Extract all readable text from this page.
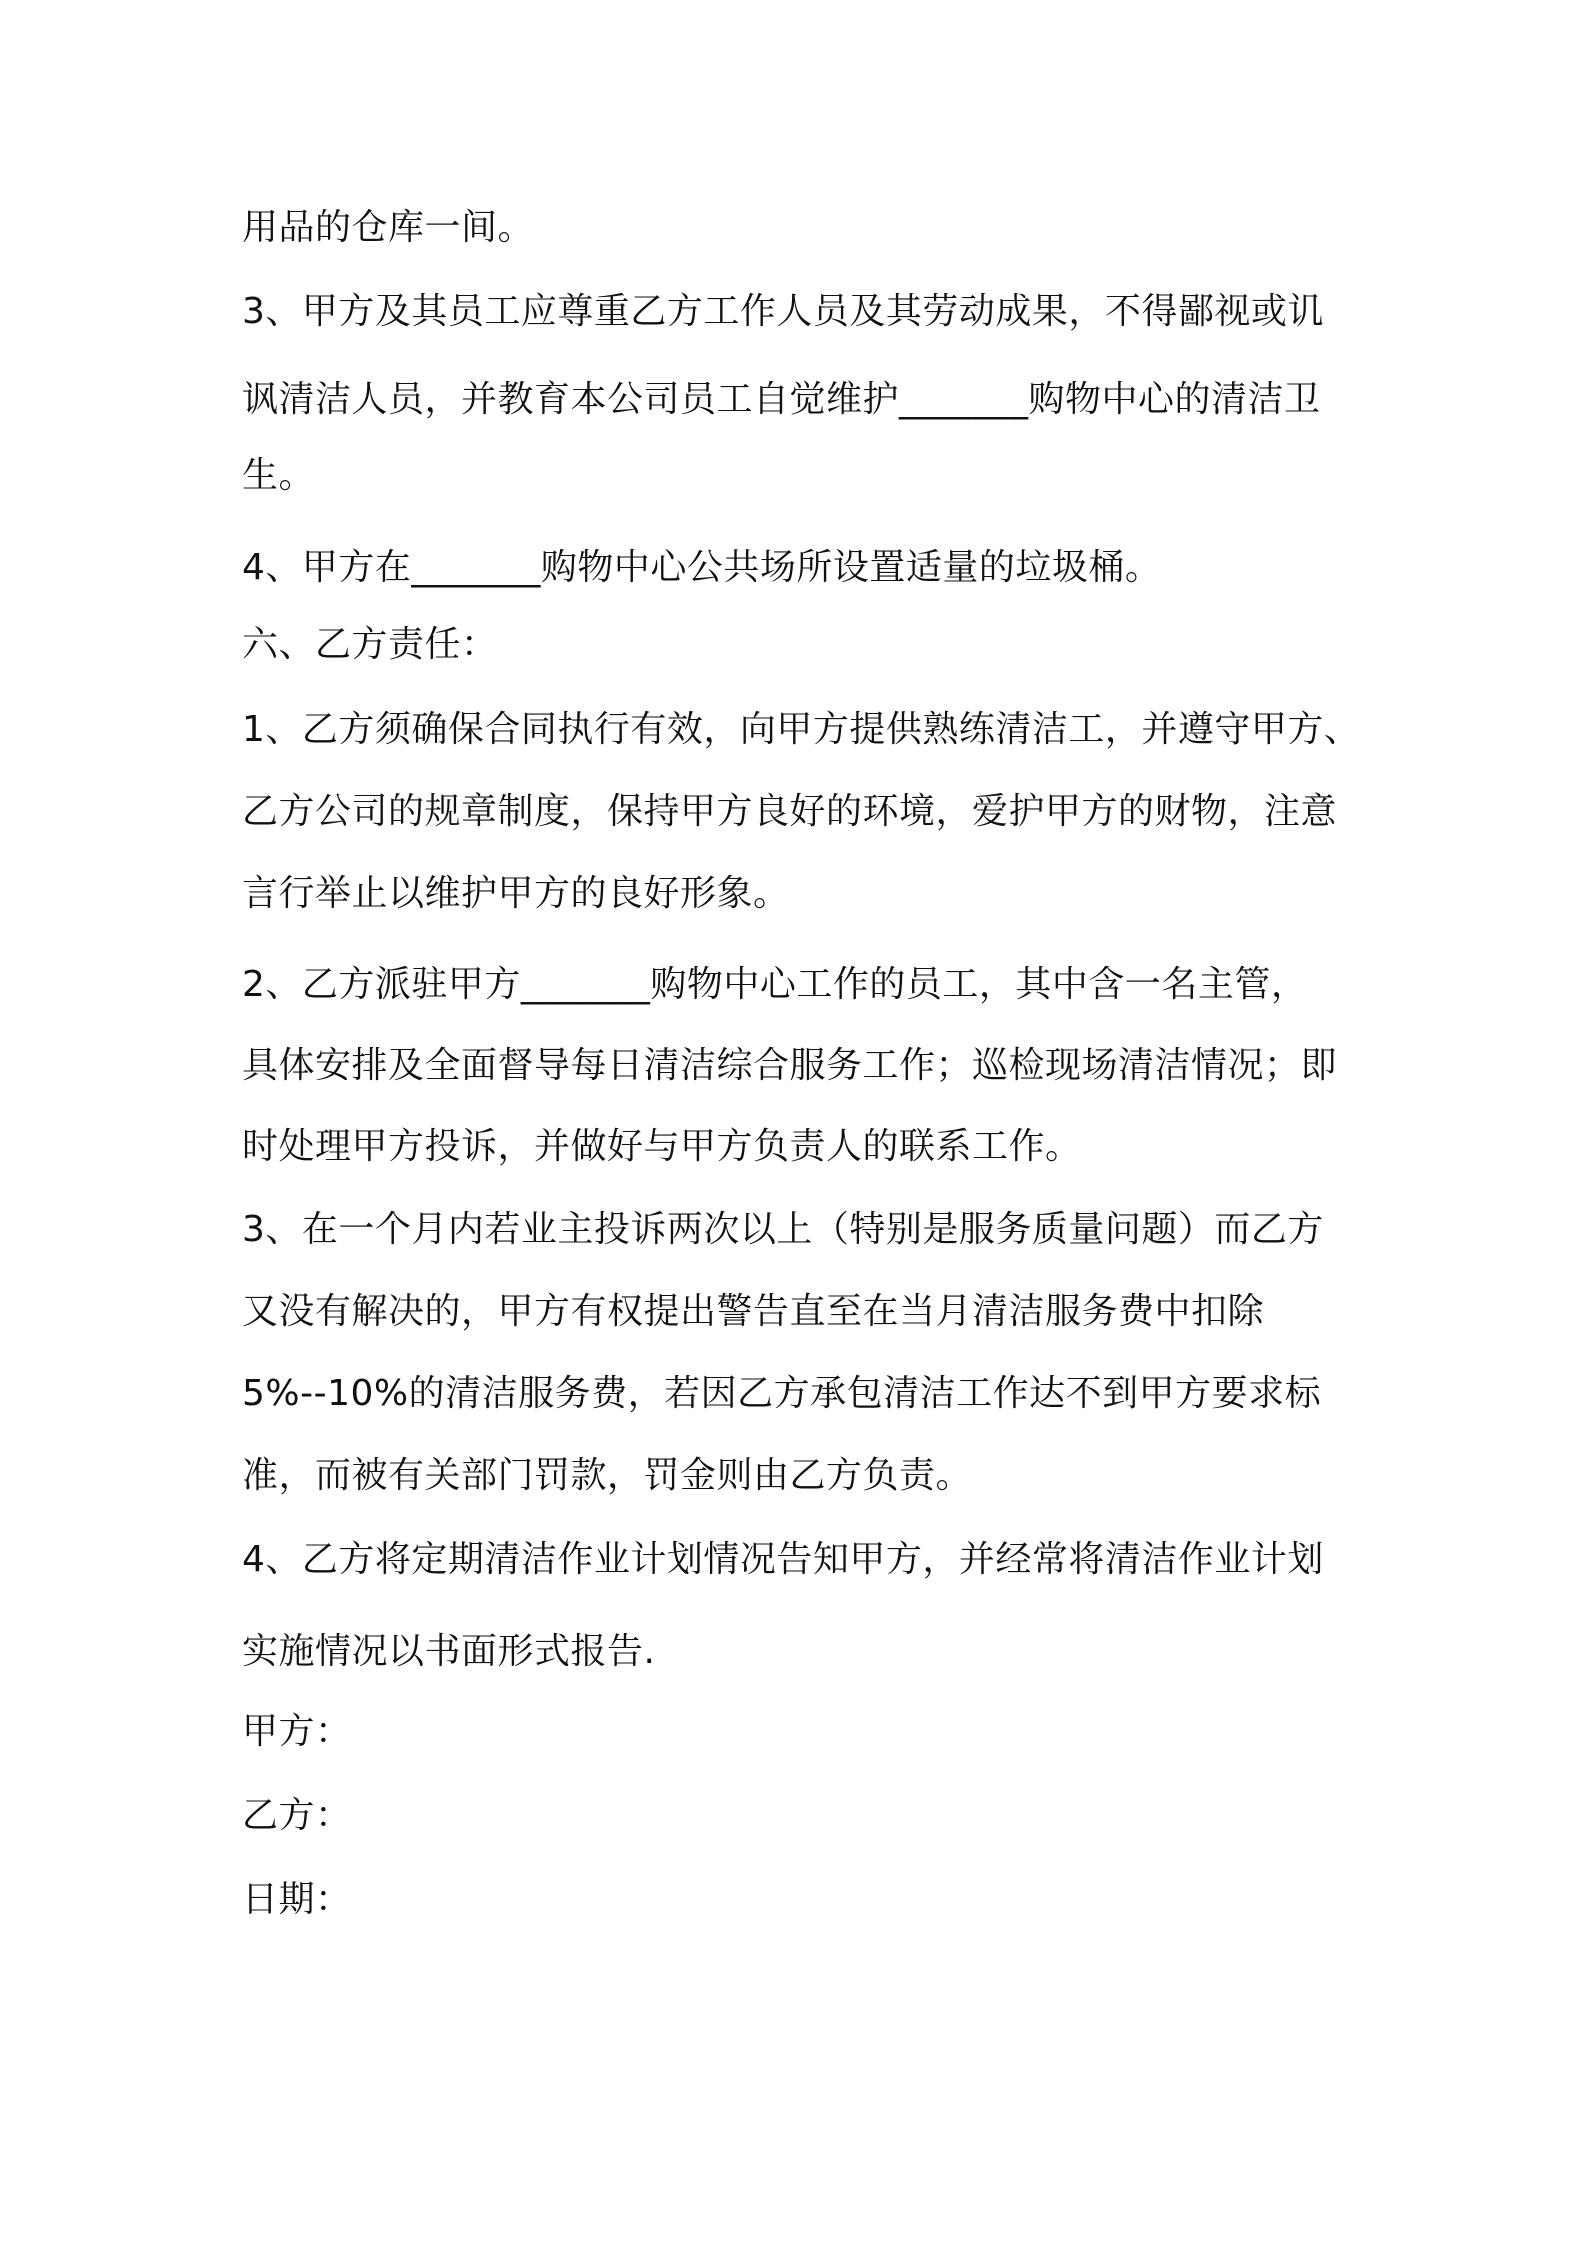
用品的仓库一间。
3、甲方及其员工应尊重乙方工作人员及其劳动成果，不得鄙视或讥
讽清洁人员，并教育本公司员工自觉维护_______购物中心的清洁卫
生。
4、甲方在_______购物中心公共场所设置适量的垃圾桶。
六、乙方责任：
1、乙方须确保合同执行有效，向甲方提供熟练清洁工，并遵守甲方、
乙方公司的规章制度，保持甲方良好的环境，爱护甲方的财物，注意
言行举止以维护甲方的良好形象。
2、乙方派驻甲方_______购物中心工作的员工，其中含一名主管，
具体安排及全面督导每日清洁综合服务工作；巡检现场清洁情况；即
时处理甲方投诉，并做好与甲方负责人的联系工作。
3、在一个月内若业主投诉两次以上（特别是服务质量问题）而乙方
又没有解决的，甲方有权提出警告直至在当月清洁服务费中扣除
5%--10%的清洁服务费，若因乙方承包清洁工作达不到甲方要求标
准，而被有关部门罚款，罚金则由乙方负责。
4、乙方将定期清洁作业计划情况告知甲方，并经常将清洁作业计划
实施情况以书面形式报告.
甲方：
乙方：
日期：
